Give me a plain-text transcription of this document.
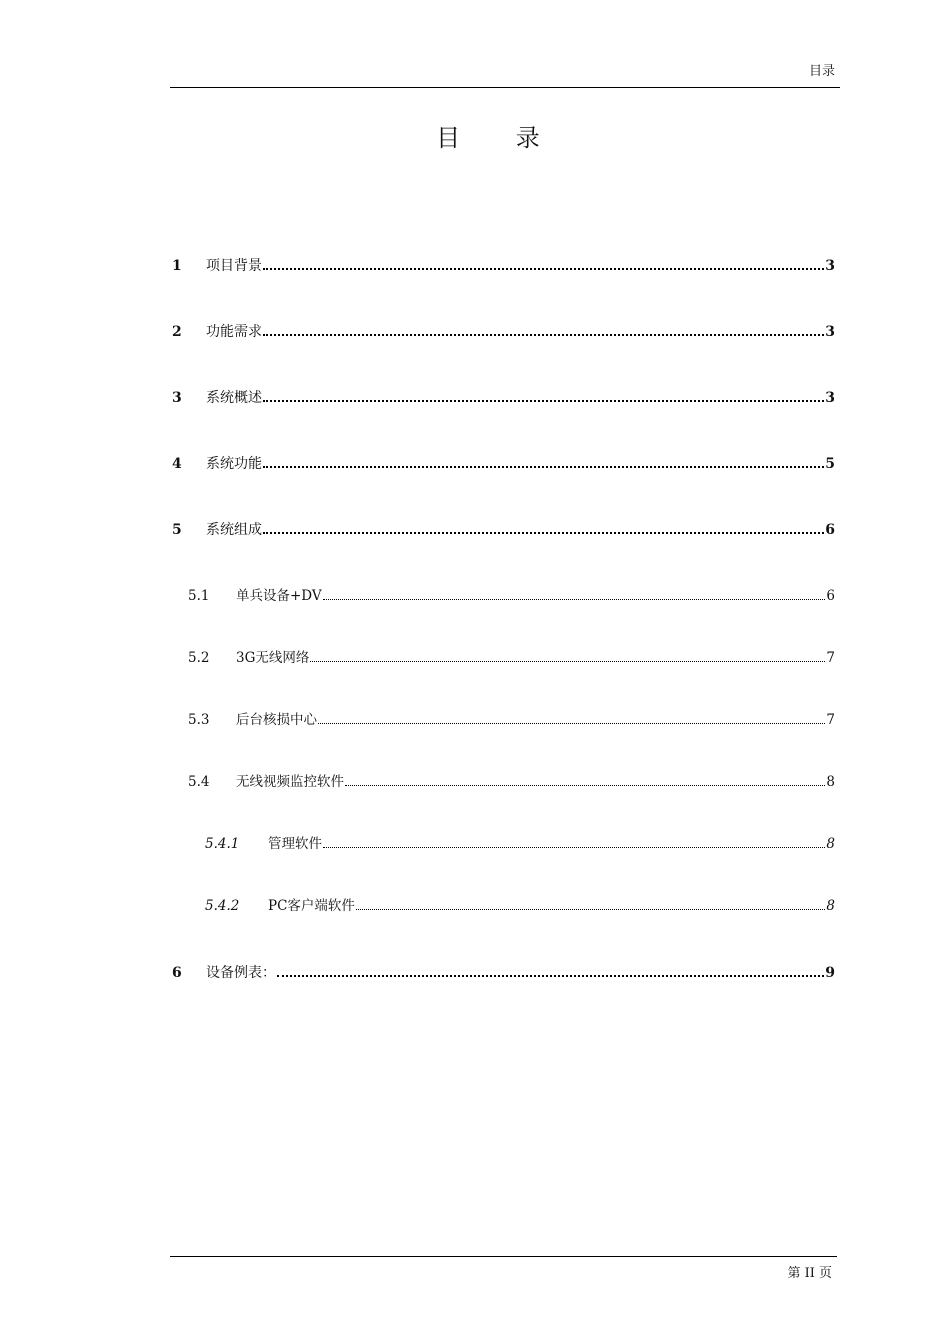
目录
目 录
1	项目背景	3
2	功能需求	3
3	系统概述	3
4	系统功能	5
5	系统组成	6
5.1	单兵设备+DV	6
5.2	3G无线网络	7
5.3	后台核损中心	7
5.4	无线视频监控软件	8
5.4.1	管理软件	8
5.4.2	PC客户端软件	8
6	设备例表：	9
第 II 页
